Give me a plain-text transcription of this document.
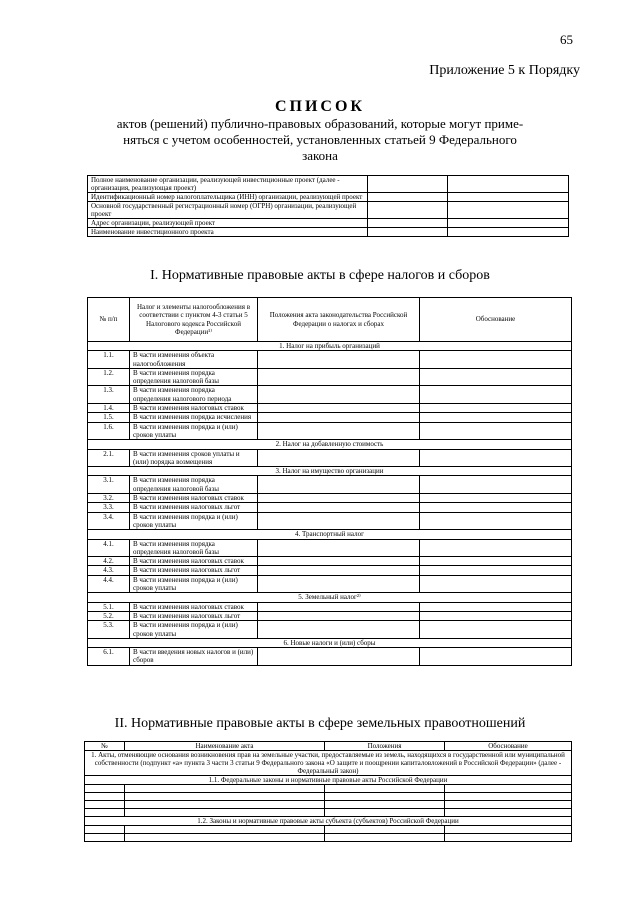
65
Приложение 5 к Порядку
СПИСОК
актов (решений) публично-правовых образований, которые могут приме-
няться с учетом особенностей, установленных статьей 9 Федерального
закона
Полное наименование организации, реализующей инвестиционные проект (далее - организация, реализующая проект)		
Идентификационный номер налогоплательщика (ИНН) организации, реализующей проект		
Основной государственный регистрационный номер (ОГРН) организации, реализующей проект		
Адрес организации, реализующей проект		
Наименование инвестиционного проекта		
I. Нормативные правовые акты в сфере налогов и сборов
№ п/п	Налог и элементы налогообложения в соответствии с пунктом 4-3 статьи 5 Налогового кодекса Российской Федерации¹⁾	Положения акта законодательства Российской Федерации о налогах и сборах	Обоснование
1. Налог на прибыль организаций			
1.1.	В части изменения объекта налогообложения		
1.2.	В части изменения порядка определения налоговой базы		
1.3.	В части изменения порядка определения налогового периода		
1.4.	В части изменения налоговых ставок		
1.5.	В части изменения порядка исчисления		
1.6.	В части изменения порядка и (или) сроков уплаты		
2. Налог на добавленную стоимость			
2.1.	В части изменения сроков уплаты и (или) порядка возмещения		
3. Налог на имущество организации			
3.1.	В части изменения порядка определения налоговой базы		
3.2.	В части изменения налоговых ставок		
3.3.	В части изменения налоговых льгот		
3.4.	В части изменения порядка и (или) сроков уплаты		
4. Транспортный налог			
4.1.	В части изменения порядка определения налоговой базы		
4.2.	В части изменения налоговых ставок		
4.3.	В части изменения налоговых льгот		
4.4.	В части изменения порядка и (или) сроков уплаты		
5. Земельный налог²⁾			
5.1.	В части изменения налоговых ставок		
5.2.	В части изменения налоговых льгот		
5.3.	В части изменения порядка и (или) сроков уплаты		
6. Новые налоги и (или) сборы			
6.1.	В части введения новых налогов и (или) сборов		
II. Нормативные правовые акты в сфере земельных правоотношений
№	Наименование акта	Положения	Обоснование
1. Акты, отменяющие основания возникновения прав на земельные участки, предоставляемые из земель, находящихся в государственной или муниципальной собственности (подпункт «а» пункта 3 части 3 статьи 9 Федерального закона «О защите и поощрении капиталовложений в Российской Федерации» (далее - Федеральный закон)			
1.1. Федеральные законы и нормативные правовые акты Российской Федерации			

1.2. Законы и нормативные правовые акты субъекта (субъектов) Российской Федерации			
